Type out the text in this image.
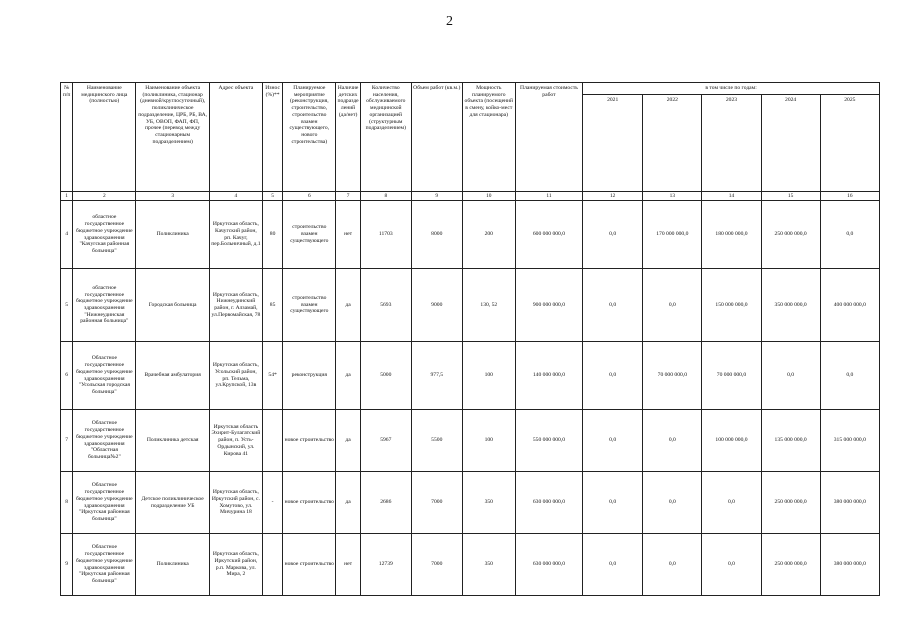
2
№ п/п	Наименование медицинского лица (полностью)	Наименование объекта (поликлиника, стационар (дневной/круглосуточный), поликлиническое подразделение, ЦРБ, РБ, ВА, УБ, ОВОП, ФАП, ФП, прочее (перевод между стационарным подразделением)	Адрес объекта	Износ (%)**	Планируемое мероприятие (реконструкция, строительство, строительство взамен существующего, нового строительства)	Наличие детских подразделений (да/нет)	Количество населения, обслуживаемого медицинской организацией (структурным подразделением)	Объем работ (кв.м.)	Мощность планируемого объекта (посещений в смену, койко-мест для стационара)	Планируемая стоимость работ	в том числе по годам:				
											2021	2022	2023	2024	2025
1	2	3	4	5	6	7	8	9	10	11	12	13	14	15	16
4	областное государственное бюджетное учреждение здравоохранения "Качугская районная больница"	Поликлиника	Иркутская область, Качугский район, рп. Качуг, пер.Больничный, д.1	80	строительство взамен существующего	нет	11703	8000	200	600 000 000,0	0,0	170 000 000,0	180 000 000,0	250 000 000,0	0,0
5	областное государственное бюджетное учреждение здравоохранения "Нижнеудинская районная больница"	Городская больница	Иркутская область, Нижнеудинский район, г. Алзамай, ул.Первомайская, 78	85	строительство взамен существующего	да	5693	9000	130, 52	900 000 000,0	0,0	0,0	150 000 000,0	350 000 000,0	400 000 000,0
6	Областное государственное бюджетное учреждение здравоохранения "Усольская городская больница"	Врачебная амбулатория	Иркутская область, Усольский район, рп. Тельма, ул.Крупской, 13в	54*	реконструкция	да	5000	977,5	100	140 000 000,0	0,0	70 000 000,0	70 000 000,0	0,0	0,0
7	Областное государственное бюджетное учреждение здравоохранения "Областная больница№2"	Поликлиника детская	Иркутская область Эхирит-Булагатский район, п. Усть-Ордынский, ул. Кирова 41		новое строительство	да	5967	5500	100	550 000 000,0	0,0	0,0	100 000 000,0	135 000 000,0	315 000 000,0
8	Областное государственное бюджетное учреждение здравоохранения "Иркутская районная больница"	Детское поликлиническое подразделение УБ	Иркутская область, Иркутский район, с. Хомутово, ул. Мичурина 18	-	новое строительство	да	2686	7000	350	630 000 000,0	0,0	0,0	0,0	250 000 000,0	380 000 000,0
9	Областное государственное бюджетное учреждение здравоохранения "Иркутская районная больница"	Поликлиника	Иркутская область, Иркутский район, р.п. Маркова, ул. Мира, 2		новое строительство	нет	12739	7000	350	630 000 000,0	0,0	0,0	0,0	250 000 000,0	380 000 000,0
